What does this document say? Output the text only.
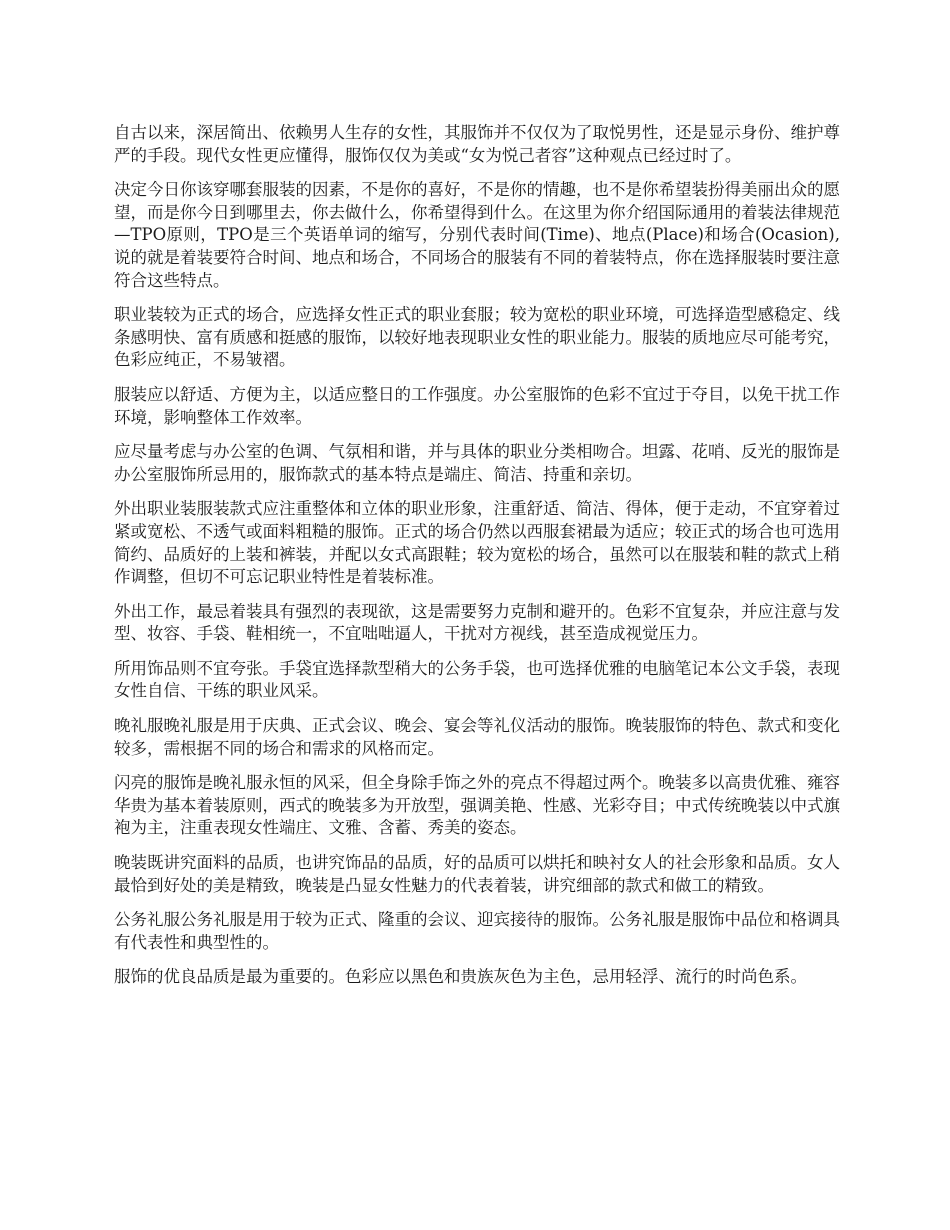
自古以来，深居简出、依赖男人生存的女性，其服饰并不仅仅为了取悦男性，还是显示身份、维护尊严的手段。现代女性更应懂得，服饰仅仅为美或“女为悦己者容”这种观点已经过时了。

决定今日你该穿哪套服装的因素，不是你的喜好，不是你的情趣，也不是你希望装扮得美丽出众的愿望，而是你今日到哪里去，你去做什么，你希望得到什么。在这里为你介绍国际通用的着装法律规范—TPO原则，TPO是三个英语单词的缩写，分别代表时间(Time)、地点(Place)和场合(Ocasion),说的就是着装要符合时间、地点和场合，不同场合的服装有不同的着装特点，你在选择服装时要注意符合这些特点。

职业装较为正式的场合，应选择女性正式的职业套服；较为宽松的职业环境，可选择造型感稳定、线条感明快、富有质感和挺感的服饰，以较好地表现职业女性的职业能力。服装的质地应尽可能考究，色彩应纯正，不易皱褶。

服装应以舒适、方便为主，以适应整日的工作强度。办公室服饰的色彩不宜过于夺目，以免干扰工作环境，影响整体工作效率。

应尽量考虑与办公室的色调、气氛相和谐，并与具体的职业分类相吻合。坦露、花哨、反光的服饰是办公室服饰所忌用的，服饰款式的基本特点是端庄、简洁、持重和亲切。

外出职业装服装款式应注重整体和立体的职业形象，注重舒适、简洁、得体，便于走动，不宜穿着过紧或宽松、不透气或面料粗糙的服饰。正式的场合仍然以西服套裙最为适应；较正式的场合也可选用简约、品质好的上装和裤装，并配以女式高跟鞋；较为宽松的场合，虽然可以在服装和鞋的款式上稍作调整，但切不可忘记职业特性是着装标准。

外出工作，最忌着装具有强烈的表现欲，这是需要努力克制和避开的。色彩不宜复杂，并应注意与发型、妆容、手袋、鞋相统一，不宜咄咄逼人，干扰对方视线，甚至造成视觉压力。

所用饰品则不宜夸张。手袋宜选择款型稍大的公务手袋，也可选择优雅的电脑笔记本公文手袋，表现女性自信、干练的职业风采。

晚礼服晚礼服是用于庆典、正式会议、晚会、宴会等礼仪活动的服饰。晚装服饰的特色、款式和变化较多，需根据不同的场合和需求的风格而定。

闪亮的服饰是晚礼服永恒的风采，但全身除手饰之外的亮点不得超过两个。晚装多以高贵优雅、雍容华贵为基本着装原则，西式的晚装多为开放型，强调美艳、性感、光彩夺目；中式传统晚装以中式旗袍为主，注重表现女性端庄、文雅、含蓄、秀美的姿态。

晚装既讲究面料的品质，也讲究饰品的品质，好的品质可以烘托和映衬女人的社会形象和品质。女人最恰到好处的美是精致，晚装是凸显女性魅力的代表着装，讲究细部的款式和做工的精致。

公务礼服公务礼服是用于较为正式、隆重的会议、迎宾接待的服饰。公务礼服是服饰中品位和格调具有代表性和典型性的。

服饰的优良品质是最为重要的。色彩应以黑色和贵族灰色为主色，忌用轻浮、流行的时尚色系。
